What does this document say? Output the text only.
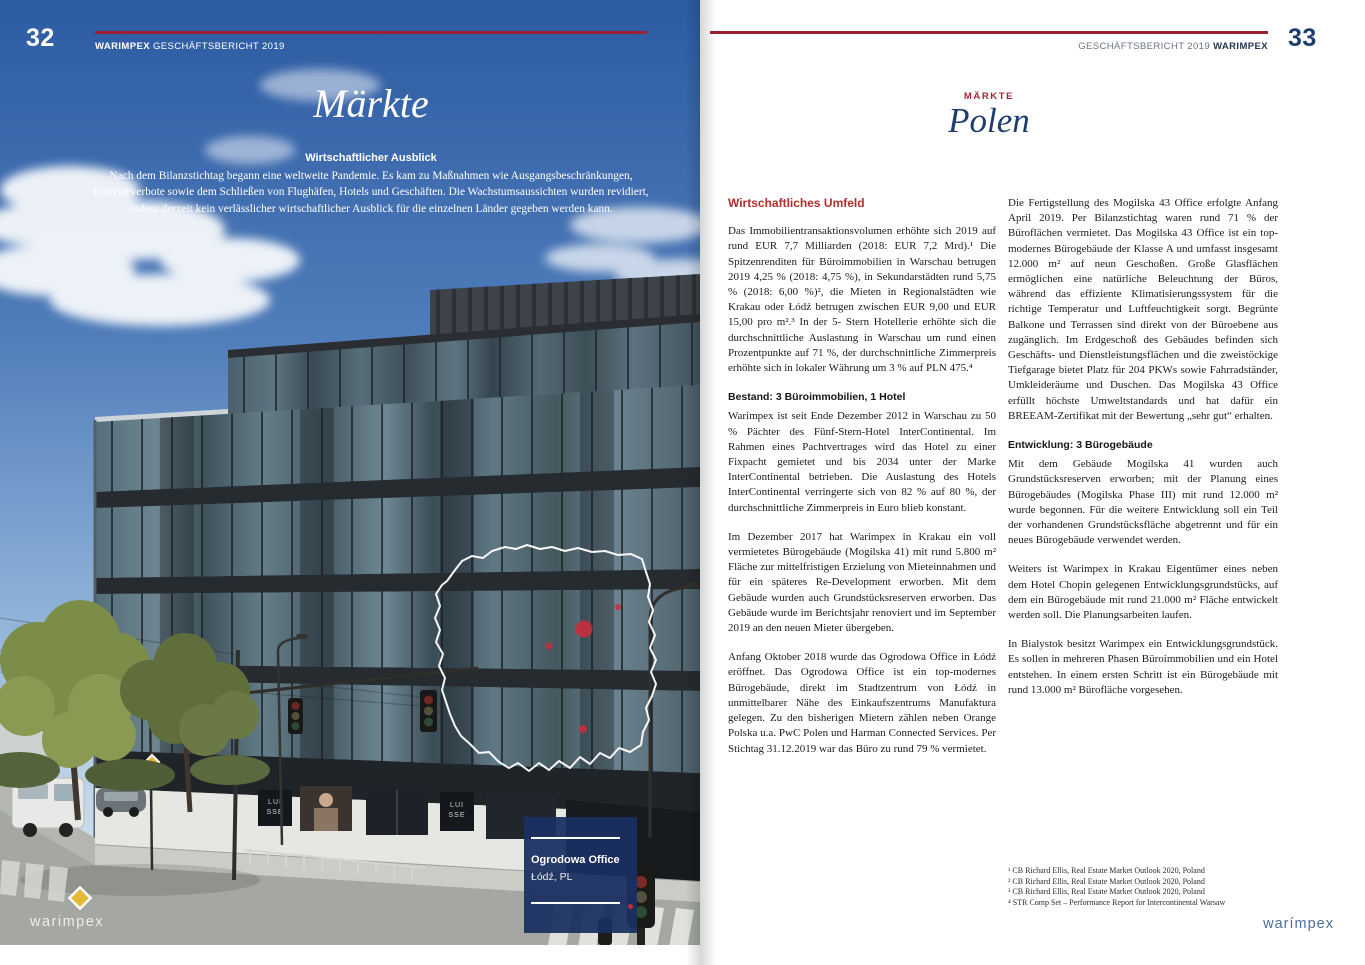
LUI
SSE
LUI
SSE
32	WARIMPEX GESCHÄFTSBERICHT 2019
Märkte
Wirtschaftlicher Ausblick
Nach dem Bilanzstichtag begann eine weltweite Pandemie. Es kam zu Maßnahmen wie Ausgangsbeschränkungen, Einreiseverbote sowie dem Schließen von Flughäfen, Hotels und Geschäften. Die Wachstumsaussichten wurden revidiert, sodass derzeit kein verlässlicher wirtschaftlicher Ausblick für die einzelnen Länder gegeben werden kann.
warimpex
Ogrodowa Office
Łódź, PL
GESCHÄFTSBERICHT 2019 WARIMPEX 33
MÄRKTE
Polen
Wirtschaftliches Umfeld

Das Immobilientransaktionsvolumen erhöhte sich 2019 auf rund EUR 7,7 Milliarden (2018: EUR 7,2 Mrd).¹ Die Spitzenrenditen für Büroimmobilien in Warschau betrugen 2019 4,25 % (2018: 4,75 %), in Sekundarstädten rund 5,75 % (2018: 6,00 %)², die Mieten in Regionalstädten wie Krakau oder Łódź betrugen zwischen EUR 9,00 und EUR 15,00 pro m².³ In der 5- Stern Hotellerie erhöhte sich die durchschnittliche Auslastung in Warschau um rund einen Prozentpunkte auf 71 %, der durchschnittliche Zimmerpreis erhöhte sich in lokaler Währung um 3 % auf PLN 475.⁴

Bestand: 3 Büroimmobilien, 1 Hotel

Warimpex ist seit Ende Dezember 2012 in Warschau zu 50 % Pächter des Fünf-Stern-Hotel InterContinental. Im Rahmen eines Pachtvertrages wird das Hotel zu einer Fixpacht gemietet und bis 2034 unter der Marke InterContinental betrieben. Die Auslastung des Hotels InterContinental verringerte sich von 82 % auf 80 %, der durchschnittliche Zimmerpreis in Euro blieb konstant.

Im Dezember 2017 hat Warimpex in Krakau ein voll vermietetes Bürogebäude (Mogilska 41) mit rund 5.800 m² Fläche zur mittelfristigen Erzielung von Mieteinnahmen und für ein späteres Re-Development erworben. Mit dem Gebäude wurden auch Grundstücksreserven erworben. Das Gebäude wurde im Berichtsjahr renoviert und im September 2019 an den neuen Mieter übergeben.

Anfang Oktober 2018 wurde das Ogrodowa Office in Łódź eröffnet. Das Ogrodowa Office ist ein top-modernes Bürogebäude, direkt im Stadtzentrum von Łódź in unmittelbarer Nähe des Einkaufszentrums Manufaktura gelegen. Zu den bisherigen Mietern zählen neben Orange Polska u.a. PwC Polen und Harman Connected Services. Per Stichtag 31.12.2019 war das Büro zu rund 79 % vermietet.

Die Fertigstellung des Mogilska 43 Office erfolgte Anfang April 2019. Per Bilanzstichtag waren rund 71 % der Büroflächen vermietet. Das Mogilska 43 Office ist ein top-modernes Bürogebäude der Klasse A und umfasst insgesamt 12.000 m² auf neun Geschoßen. Große Glasflächen ermöglichen eine natürliche Beleuchtung der Büros, während das effiziente Klimatisierungssystem für die richtige Temperatur und Luftfeuchtigkeit sorgt. Begrünte Balkone und Terrassen sind direkt von der Büroebene aus zugänglich. Im Erdgeschoß des Gebäudes befinden sich Geschäfts- und Dienstleistungsflächen und die zweistöckige Tiefgarage bietet Platz für 204 PKWs sowie Fahrradständer, Umkleideräume und Duschen. Das Mogilska 43 Office erfüllt höchste Umweltstandards und hat dafür ein BREEAM-Zertifikat mit der Bewertung „sehr gut“ erhalten.

Entwicklung: 3 Bürogebäude

Mit dem Gebäude Mogilska 41 wurden auch Grundstücksreserven erworben; mit der Planung eines Bürogebäudes (Mogilska Phase III) mit rund 12.000 m² wurde begonnen. Für die weitere Entwicklung soll ein Teil der vorhandenen Grundstücksfläche abgetrennt und für ein neues Bürogebäude verwendet werden.

Weiters ist Warimpex in Krakau Eigentümer eines neben dem Hotel Chopin gelegenen Entwicklungsgrundstücks, auf dem ein Bürogebäude mit rund 21.000 m² Fläche entwickelt werden soll. Die Planungsarbeiten laufen.

In Bialystok besitzt Warimpex ein Entwicklungsgrundstück. Es sollen in mehreren Phasen Büroimmobilien und ein Hotel entstehen. In einem ersten Schritt ist ein Bürogebäude mit rund 13.000 m² Bürofläche vorgesehen.

¹ CB Richard Ellis, Real Estate Market Outlook 2020, Poland
² CB Richard Ellis, Real Estate Market Outlook 2020, Poland
³ CB Richard Ellis, Real Estate Market Outlook 2020, Poland
⁴ STR Comp Set – Performance Report for Intercontinental Warsaw
warímpex
